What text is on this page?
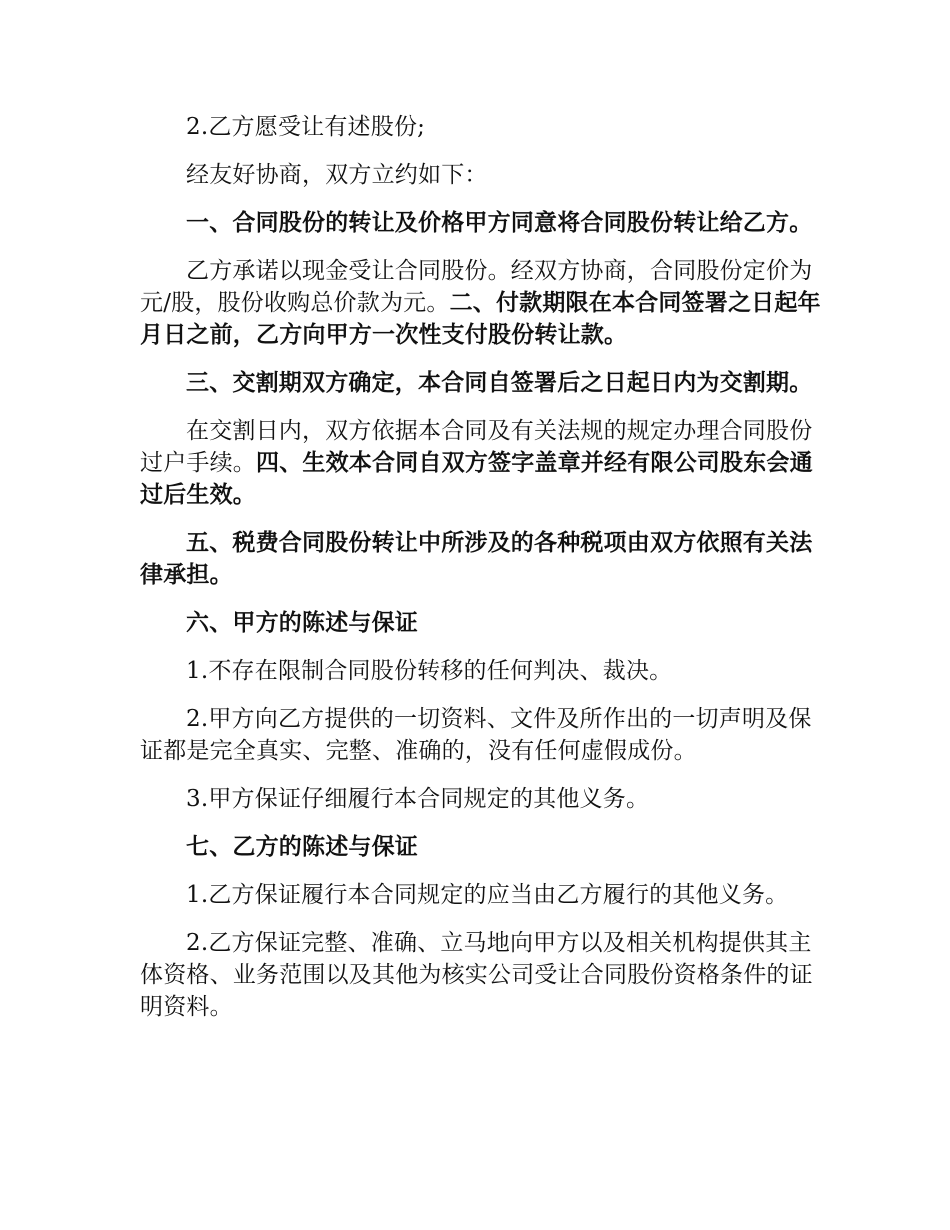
2.乙方愿受让有述股份;

经友好协商，双方立约如下：

一、合同股份的转让及价格甲方同意将合同股份转让给乙方。

乙方承诺以现金受让合同股份。经双方协商，合同股份定价为元/股，股份收购总价款为元。二、付款期限在本合同签署之日起年月日之前，乙方向甲方一次性支付股份转让款。

三、交割期双方确定，本合同自签署后之日起日内为交割期。

在交割日内，双方依据本合同及有关法规的规定办理合同股份过户手续。四、生效本合同自双方签字盖章并经有限公司股东会通过后生效。

五、税费合同股份转让中所涉及的各种税项由双方依照有关法律承担。

六、甲方的陈述与保证

1.不存在限制合同股份转移的任何判决、裁决。

2.甲方向乙方提供的一切资料、文件及所作出的一切声明及保证都是完全真实、完整、准确的，没有任何虚假成份。

3.甲方保证仔细履行本合同规定的其他义务。

七、乙方的陈述与保证

1.乙方保证履行本合同规定的应当由乙方履行的其他义务。

2.乙方保证完整、准确、立马地向甲方以及相关机构提供其主体资格、业务范围以及其他为核实公司受让合同股份资格条件的证明资料。
